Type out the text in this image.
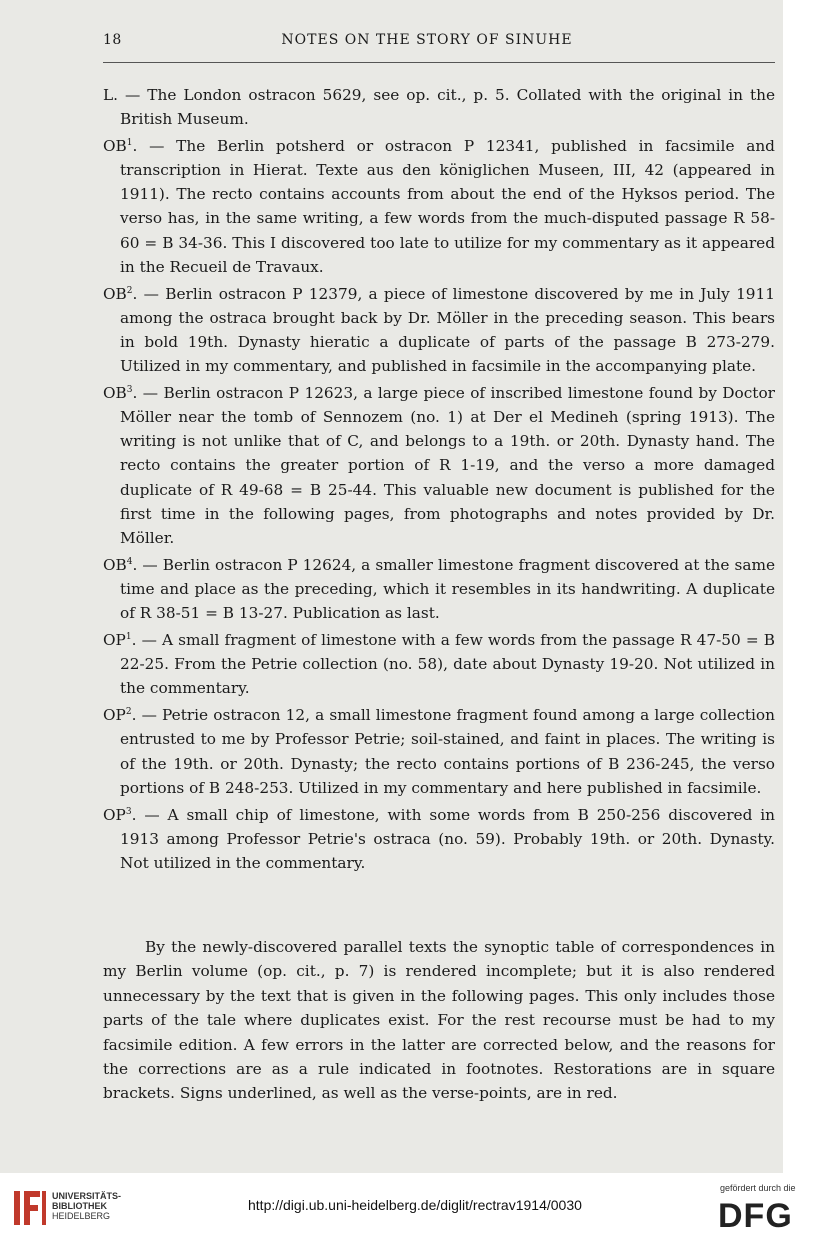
18	NOTES ON THE STORY OF SINUHE

L. — The London ostracon 5629, see op. cit., p. 5. Collated with the original in the British Museum.

$OB^1$. — The Berlin potsherd or ostracon P 12341, published in facsimile and transcription in Hierat. Texte aus den königlichen Museen, III, 42 (appeared in 1911). The recto contains accounts from about the end of the Hyksos period. The verso has, in the same writing, a few words from the much-disputed passage R 58-60 = B 34-36. This I discovered too late to utilize for my commentary as it appeared in the Recueil de Travaux.

$OB^2$. — Berlin ostracon P 12379, a piece of limestone discovered by me in July 1911 among the ostraca brought back by Dr. Möller in the preceding season. This bears in bold 19th. Dynasty hieratic a duplicate of parts of the passage B 273-279. Utilized in my commentary, and published in facsimile in the accompanying plate.

$OB^3$. — Berlin ostracon P 12623, a large piece of inscribed limestone found by Doctor Möller near the tomb of Sennozem (no. 1) at Der el Medineh (spring 1913). The writing is not unlike that of C, and belongs to a 19th. or 20th. Dynasty hand. The recto contains the greater portion of R 1-19, and the verso a more damaged duplicate of R 49-68 = B 25-44. This valuable new document is published for the first time in the following pages, from photographs and notes provided by Dr. Möller.

$OB^4$. — Berlin ostracon P 12624, a smaller limestone fragment discovered at the same time and place as the preceding, which it resembles in its handwriting. A duplicate of R 38-51 = B 13-27. Publication as last.

$OP^1$. — A small fragment of limestone with a few words from the passage R 47-50 = B 22-25. From the Petrie collection (no. 58), date about Dynasty 19-20. Not utilized in the commentary.

$OP^2$. — Petrie ostracon 12, a small limestone fragment found among a large collection entrusted to me by Professor Petrie; soil-stained, and faint in places. The writing is of the 19th. or 20th. Dynasty; the recto contains portions of B 236-245, the verso portions of B 248-253. Utilized in my commentary and here published in facsimile.

$OP^3$. — A small chip of limestone, with some words from B 250-256 discovered in 1913 among Professor Petrie's ostraca (no. 59). Probably 19th. or 20th. Dynasty. Not utilized in the commentary.

By the newly-discovered parallel texts the synoptic table of correspondences in my Berlin volume (op. cit., p. 7) is rendered incomplete; but it is also rendered unnecessary by the text that is given in the following pages. This only includes those parts of the tale where duplicates exist. For the rest recourse must be had to my facsimile edition. A few errors in the latter are corrected below, and the reasons for the corrections are as a rule indicated in footnotes. Restorations are in square brackets. Signs underlined, as well as the verse-points, are in red.

UNIVERSITÄTS-
BIBLIOTHEK
HEIDELBERG
http://digi.ub.uni-heidelberg.de/diglit/rectrav1914/0030
gefördert durch die
DFG
